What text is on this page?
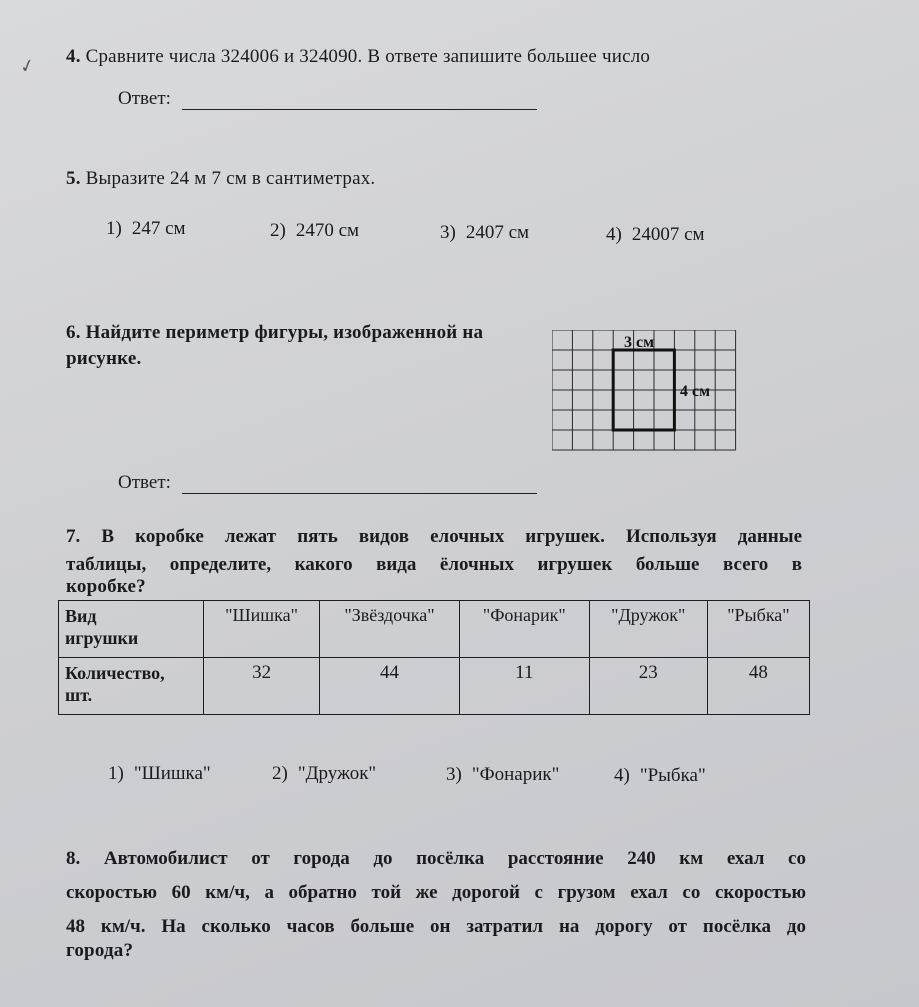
✓ 4. Сравните числа 324006 и 324090. В ответе запишите большее число
Ответ:
5. Выразите 24 м 7 см в сантиметрах.
1) 247 см	2) 2470 см	3) 2407 см	4) 24007 см
6. Найдите периметр фигуры, изображенной на
рисунке.
3 см
4 см
Ответ:
7. В коробке лежат пять видов елочных игрушек. Используя данные
таблицы, определите, какого вида ёлочных игрушек больше всего в
коробке?
Вид
игрушки	"Шишка"	"Звёздочка"	"Фонарик"	"Дружок"	"Рыбка"
Количество,
шт.	32	44	11	23	48
1) "Шишка"	2) "Дружок"	3) "Фонарик"	4) "Рыбка"
8. Автомобилист от города до посёлка расстояние 240 км ехал со
скоростью 60 км/ч, а обратно той же дорогой с грузом ехал со скоростью
48 км/ч. На сколько часов больше он затратил на дорогу от посёлка до
города?
